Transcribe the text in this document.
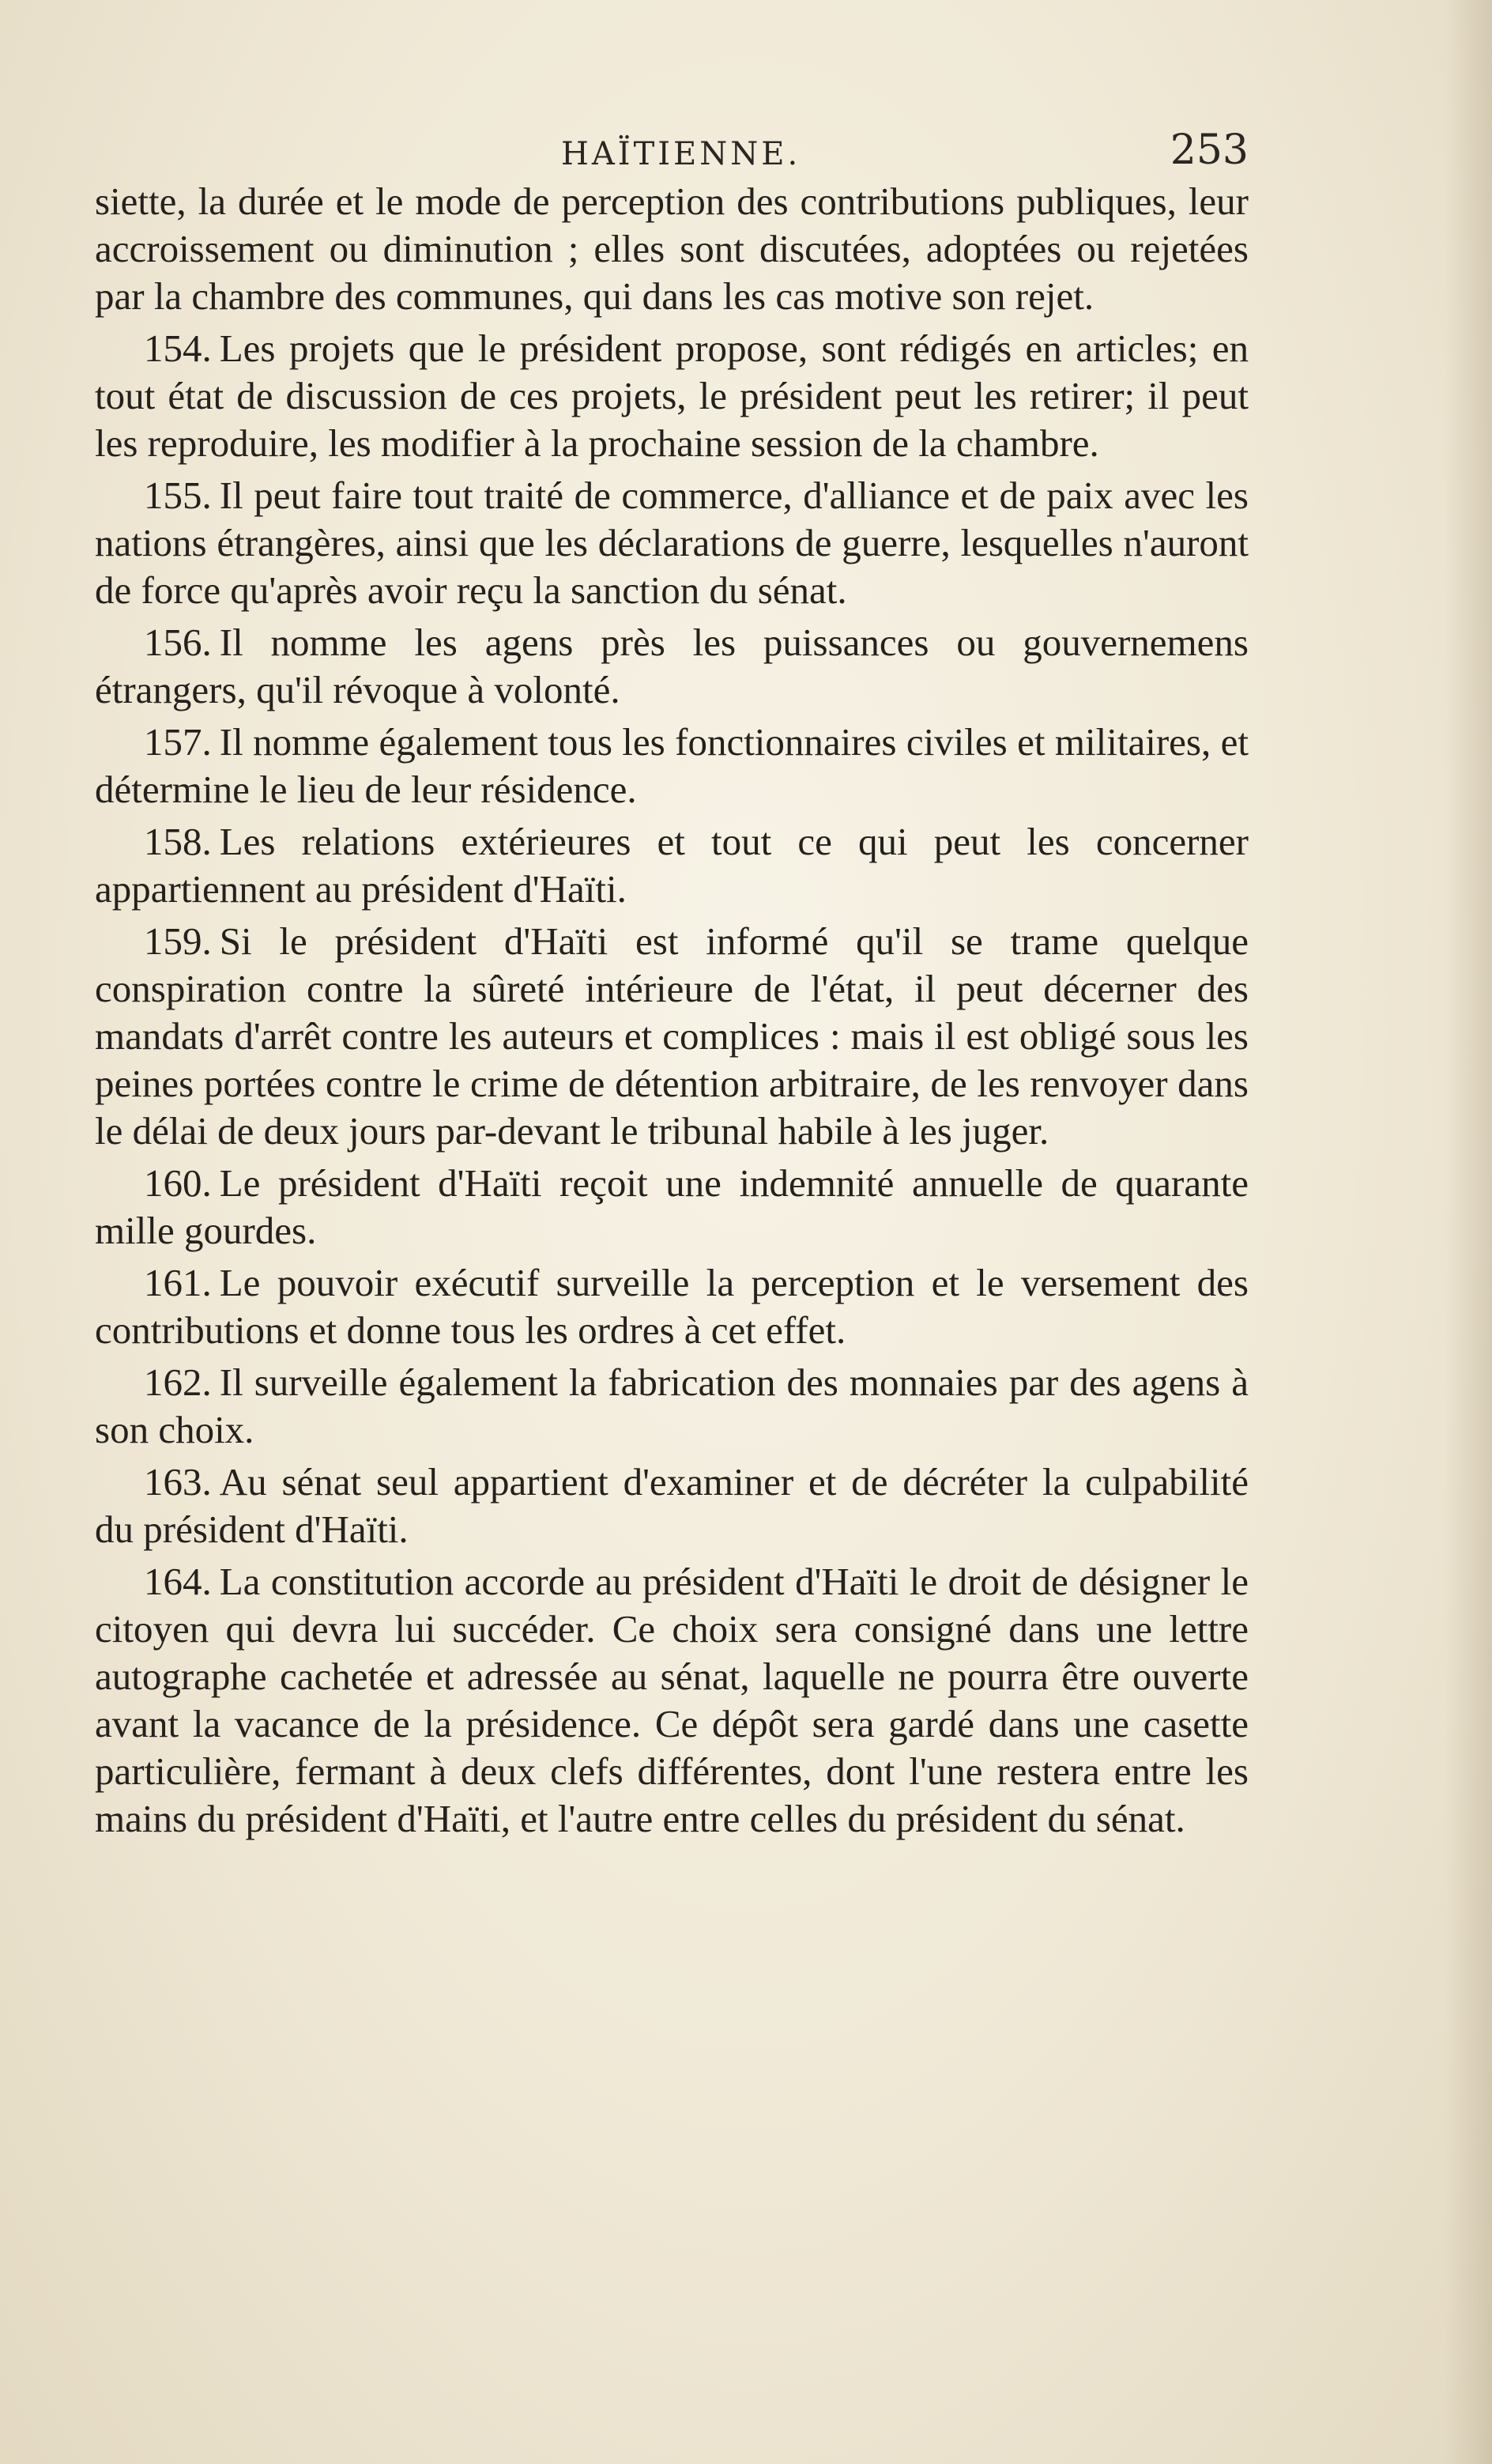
HAÏTIENNE.	253

siette, la durée et le mode de perception des contributions publiques, leur accroissement ou diminution ; elles sont discutées, adoptées ou rejetées par la chambre des communes, qui dans les cas motive son rejet.

154. Les projets que le président propose, sont rédigés en articles; en tout état de discussion de ces projets, le président peut les retirer; il peut les reproduire, les modifier à la prochaine session de la chambre.

155. Il peut faire tout traité de commerce, d'alliance et de paix avec les nations étrangères, ainsi que les déclarations de guerre, lesquelles n'auront de force qu'après avoir reçu la sanction du sénat.

156. Il nomme les agens près les puissances ou gouvernemens étrangers, qu'il révoque à volonté.

157. Il nomme également tous les fonctionnaires civiles et militaires, et détermine le lieu de leur résidence.

158. Les relations extérieures et tout ce qui peut les concerner appartiennent au président d'Haïti.

159. Si le président d'Haïti est informé qu'il se trame quelque conspiration contre la sûreté intérieure de l'état, il peut décerner des mandats d'arrêt contre les auteurs et complices : mais il est obligé sous les peines portées contre le crime de détention arbitraire, de les renvoyer dans le délai de deux jours par-devant le tribunal habile à les juger.

160. Le président d'Haïti reçoit une indemnité annuelle de quarante mille gourdes.

161. Le pouvoir exécutif surveille la perception et le versement des contributions et donne tous les ordres à cet effet.

162. Il surveille également la fabrication des monnaies par des agens à son choix.

163. Au sénat seul appartient d'examiner et de décréter la culpabilité du président d'Haïti.

164. La constitution accorde au président d'Haïti le droit de désigner le citoyen qui devra lui succéder. Ce choix sera consigné dans une lettre autographe cachetée et adressée au sénat, laquelle ne pourra être ouverte avant la vacance de la présidence. Ce dépôt sera gardé dans une casette particulière, fermant à deux clefs différentes, dont l'une restera entre les mains du président d'Haïti, et l'autre entre celles du président du sénat.
